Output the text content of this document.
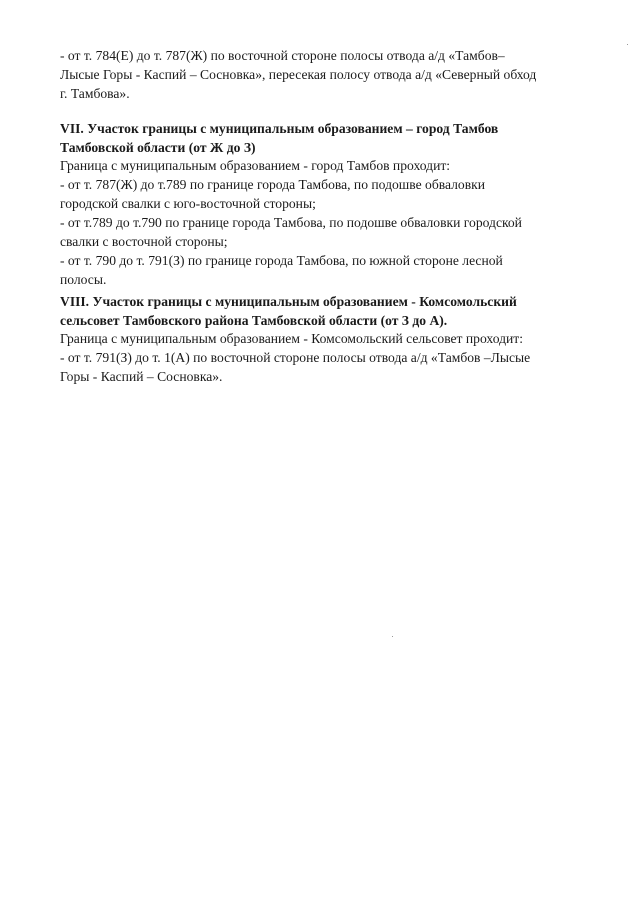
- от т. 784(Е) до т. 787(Ж) по восточной стороне полосы отвода а/д «Тамбов–
Лысые Горы - Каспий – Сосновка», пересекая полосу отвода а/д «Северный обход
г. Тамбова».
VII. Участок границы с муниципальным образованием – город Тамбов
Тамбовской области (от Ж до З)
Граница с муниципальным образованием - город Тамбов проходит:
- от т. 787(Ж) до т.789 по границе города Тамбова, по подошве обваловки
городской свалки с юго-восточной стороны;
- от т.789 до т.790 по границе города Тамбова, по подошве обваловки городской
свалки с восточной стороны;
- от т. 790 до т. 791(З) по границе города Тамбова, по южной стороне лесной
полосы.
VIII. Участок границы с муниципальным образованием - Комсомольский
сельсовет Тамбовского района Тамбовской области (от З до А).
Граница с муниципальным образованием - Комсомольский сельсовет проходит:
- от т. 791(З) до т. 1(А) по восточной стороне полосы отвода а/д «Тамбов –Лысые
Горы - Каспий – Сосновка».
